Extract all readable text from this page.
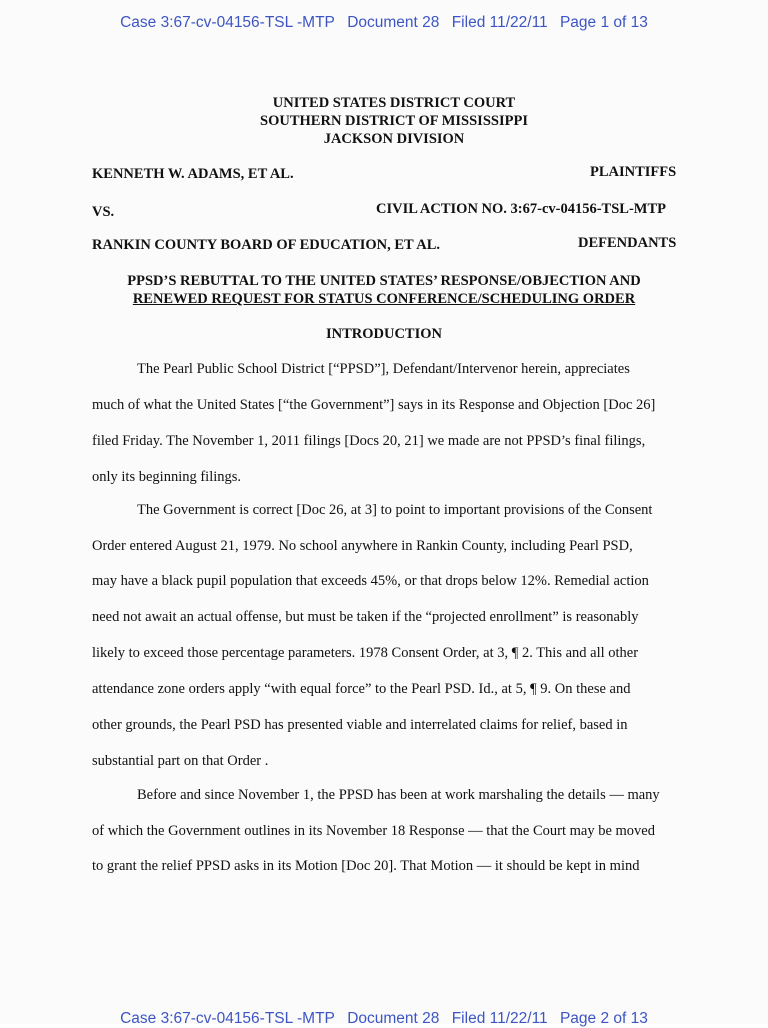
Case 3:67-cv-04156-TSL -MTP Document 28 Filed 11/22/11 Page 1 of 13
UNITED STATES DISTRICT COURT
SOUTHERN DISTRICT OF MISSISSIPPI
JACKSON DIVISION
KENNETH W. ADAMS, ET AL.	PLAINTIFFS
VS.	CIVIL ACTION NO. 3:67-cv-04156-TSL-MTP
RANKIN COUNTY BOARD OF EDUCATION, ET AL.	DEFENDANTS
PPSD’S REBUTTAL TO THE UNITED STATES’ RESPONSE/OBJECTION AND
RENEWED REQUEST FOR STATUS CONFERENCE/SCHEDULING ORDER
INTRODUCTION
The Pearl Public School District [“PPSD”], Defendant/Intervenor herein, appreciates
much of what the United States [“the Government”] says in its Response and Objection [Doc 26]
filed Friday. The November 1, 2011 filings [Docs 20, 21] we made are not PPSD’s final filings,
only its beginning filings.
The Government is correct [Doc 26, at 3] to point to important provisions of the Consent
Order entered August 21, 1979. No school anywhere in Rankin County, including Pearl PSD,
may have a black pupil population that exceeds 45%, or that drops below 12%. Remedial action
need not await an actual offense, but must be taken if the “projected enrollment” is reasonably
likely to exceed those percentage parameters. 1978 Consent Order, at 3, ¶ 2. This and all other
attendance zone orders apply “with equal force” to the Pearl PSD. Id., at 5, ¶ 9. On these and
other grounds, the Pearl PSD has presented viable and interrelated claims for relief, based in
substantial part on that Order .
Before and since November 1, the PPSD has been at work marshaling the details — many
of which the Government outlines in its November 18 Response — that the Court may be moved
to grant the relief PPSD asks in its Motion [Doc 20]. That Motion — it should be kept in mind
Case 3:67-cv-04156-TSL -MTP Document 28 Filed 11/22/11 Page 2 of 13
